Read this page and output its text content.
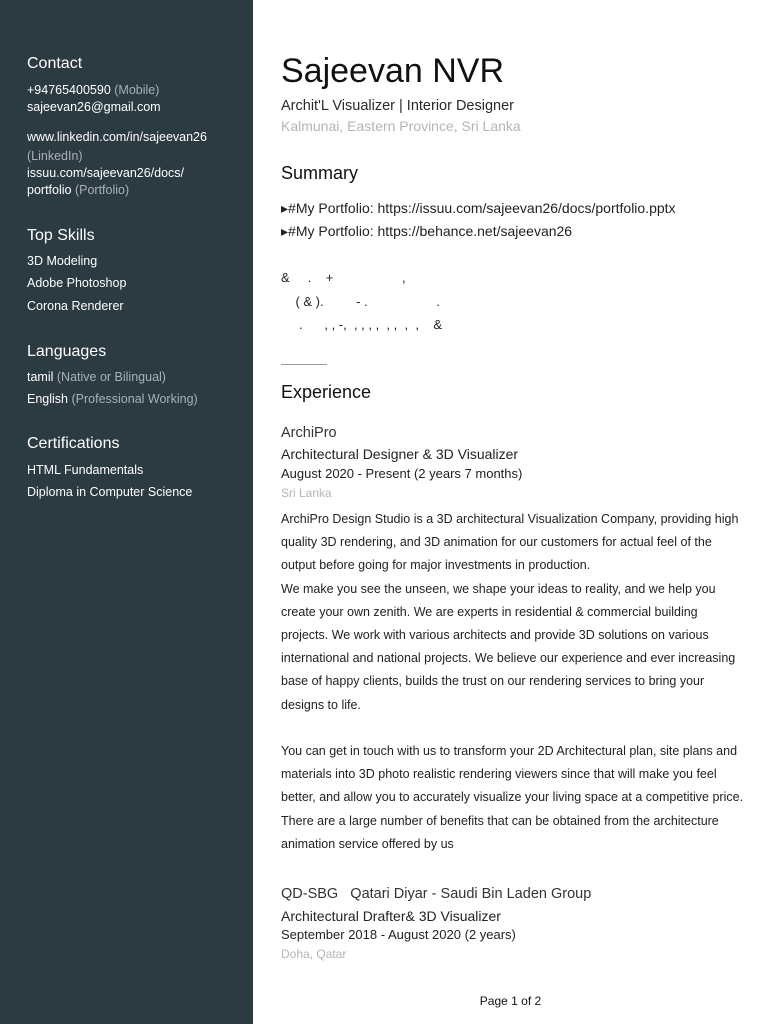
Contact
+94765400590 (Mobile)
sajeevan26@gmail.com
www.linkedin.com/in/sajeevan26
(LinkedIn)
issuu.com/sajeevan26/docs/
portfolio (Portfolio)
Top Skills
3D Modeling
Adobe Photoshop
Corona Renderer
Languages
tamil (Native or Bilingual)
English (Professional Working)
Certifications
HTML Fundamentals
Diploma in Computer Science
Sajeevan NVR
Archit'L Visualizer | Interior Designer
Kalmunai, Eastern Province, Sri Lanka
Summary
▸#My Portfolio: https://issuu.com/sajeevan26/docs/portfolio.pptx
▸#My Portfolio: https://behance.net/sajeevan26
&     .    +                   ,
( & ).         - .                   .
.      , , -,  , , , ,  , ,  ,  ,    &
Experience
ArchiPro
Architectural Designer & 3D Visualizer
August 2020 - Present (2 years 7 months)
Sri Lanka
ArchiPro Design Studio is a 3D architectural Visualization Company, providing high quality 3D rendering, and 3D animation for our customers for actual feel of the output before going for major investments in production.
We make you see the unseen, we shape your ideas to reality, and we help you create your own zenith. We are experts in residential & commercial building projects. We work with various architects and provide 3D solutions on various international and national projects. We believe our experience and ever increasing base of happy clients, builds the trust on our rendering services to bring your designs to life.
You can get in touch with us to transform your 2D Architectural plan, site plans and materials into 3D photo realistic rendering viewers since that will make you feel better, and allow you to accurately visualize your living space at a competitive price. There are a large number of benefits that can be obtained from the architecture animation service offered by us
QD-SBG   Qatari Diyar - Saudi Bin Laden Group
Architectural Drafter& 3D Visualizer
September 2018 - August 2020 (2 years)
Doha, Qatar
Page 1 of 2
